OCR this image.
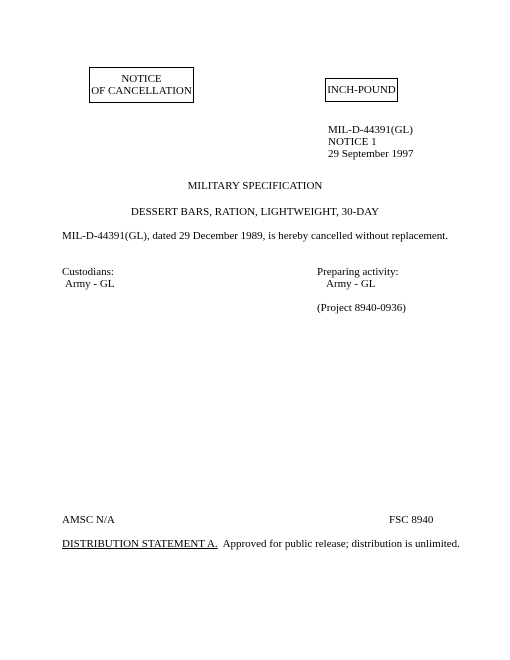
NOTICE
OF CANCELLATION	INCH-POUND
MIL-D-44391(GL)
NOTICE 1
29 September 1997
MILITARY SPECIFICATION
DESSERT BARS, RATION, LIGHTWEIGHT, 30-DAY
MIL-D-44391(GL), dated 29 December 1989, is hereby cancelled without replacement.
Custodians:
Army - GL
Preparing activity:
Army - GL
(Project 8940-0936)
AMSC N/A	FSC 8940
DISTRIBUTION STATEMENT A.  Approved for public release; distribution is unlimited.
